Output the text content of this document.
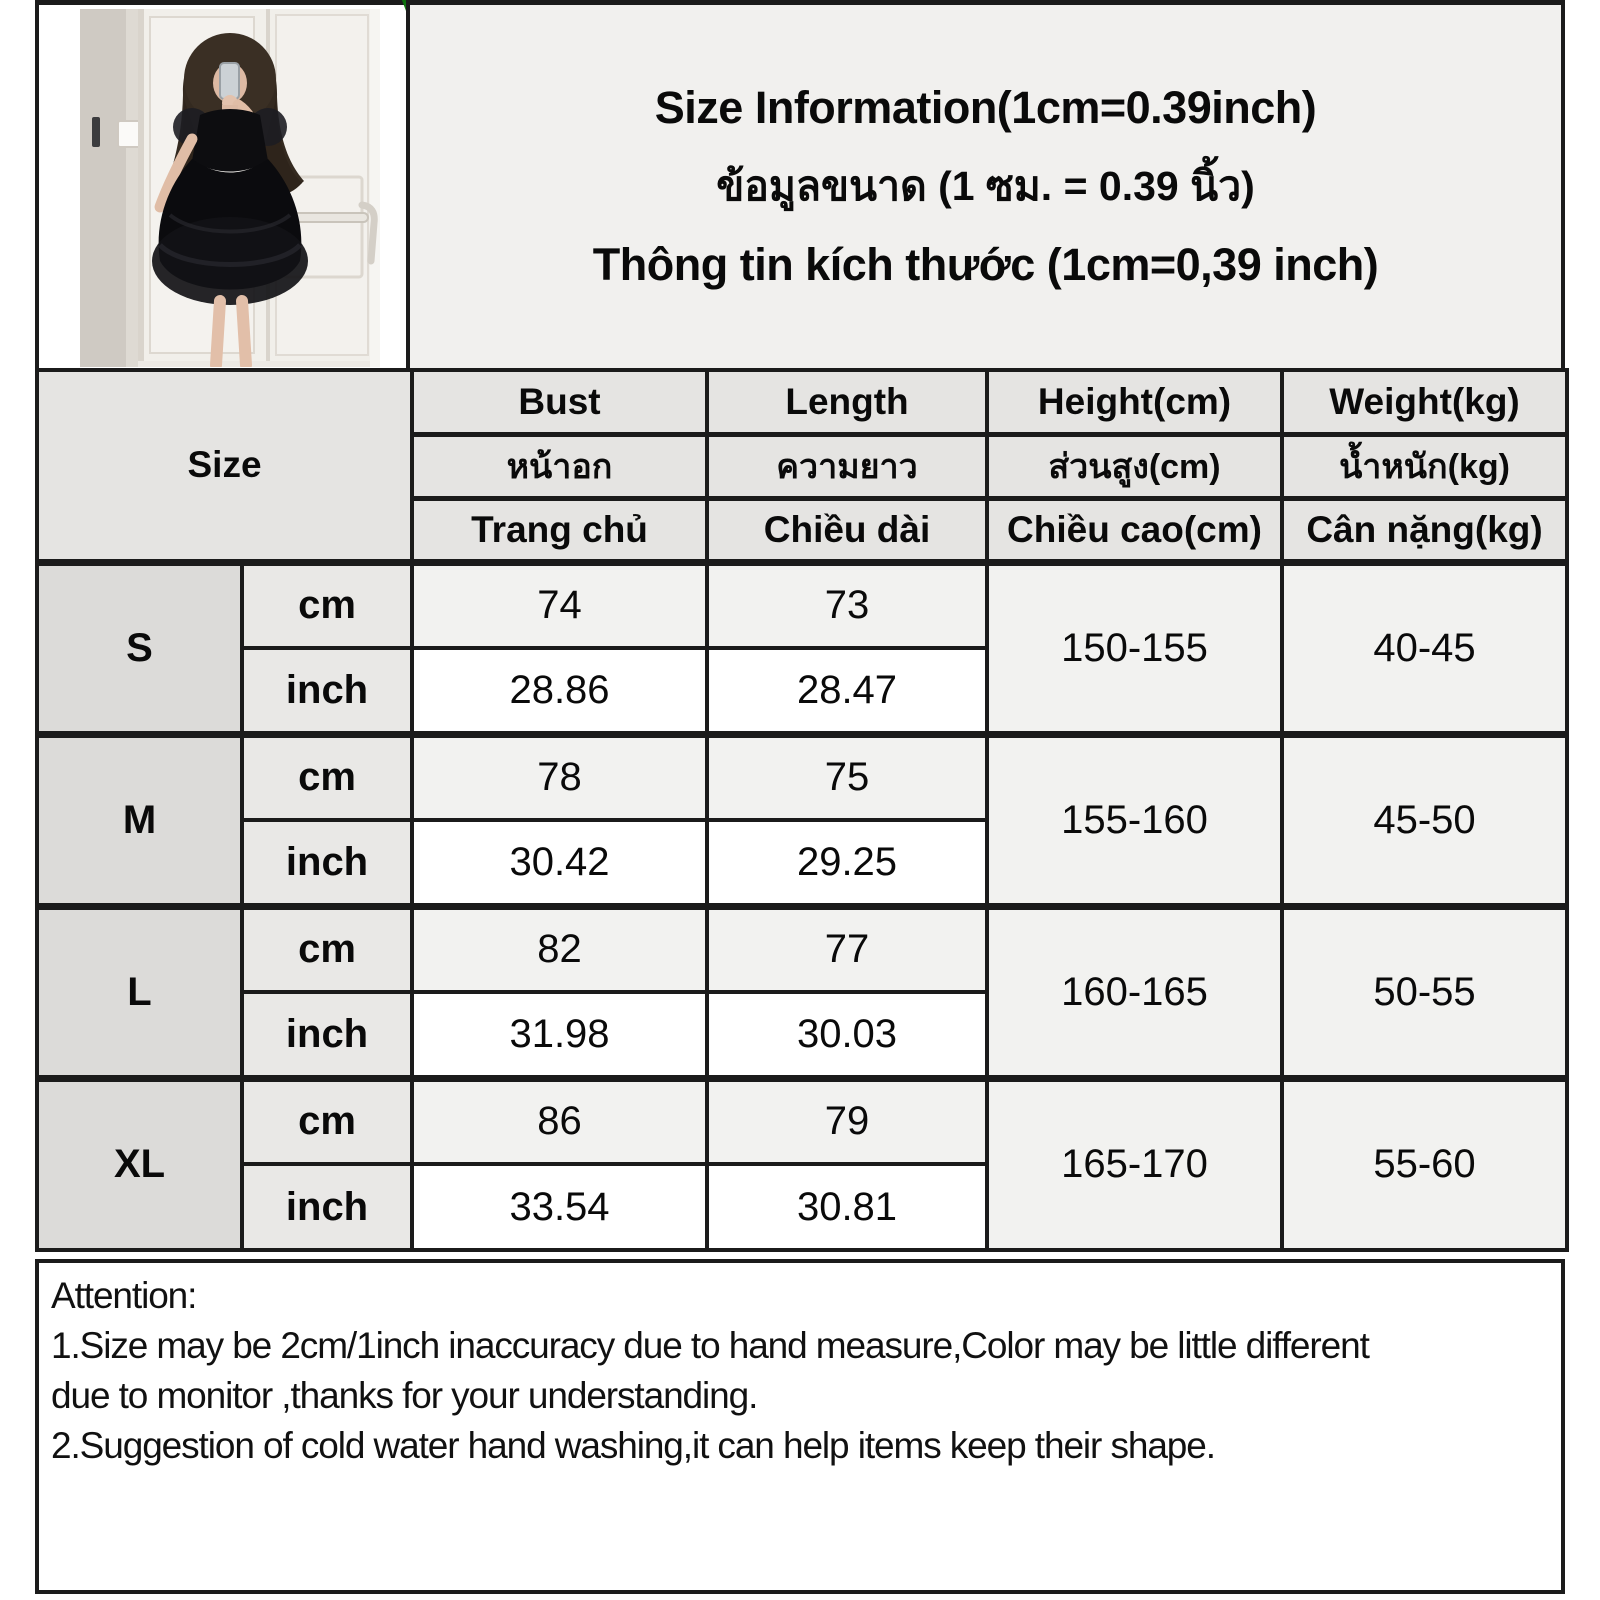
Size Information(1cm=0.39inch)
ข้อมูลขนาด (1 ซม. = 0.39 นิ้ว)
Thông tin kích thước (1cm=0,39 inch)
Size		Bust	Length	Height(cm)	Weight(kg)
		หน้าอก	ความยาว	ส่วนสูง(cm)	น้ำหนัก(kg)
		Trang chủ	Chiều dài	Chiều cao(cm)	Cân nặng(kg)
S	cm	74	73	150-155	40-45
	inch	28.86	28.47		
M	cm	78	75	155-160	45-50
	inch	30.42	29.25		
L	cm	82	77	160-165	50-55
	inch	31.98	30.03		
XL	cm	86	79	165-170	55-60
	inch	33.54	30.81		
Attention:
1.Size may be 2cm/1inch inaccuracy due to hand measure,Color may be little different
due to monitor ,thanks for your understanding.
2.Suggestion of cold water hand washing,it can help items keep their shape.
